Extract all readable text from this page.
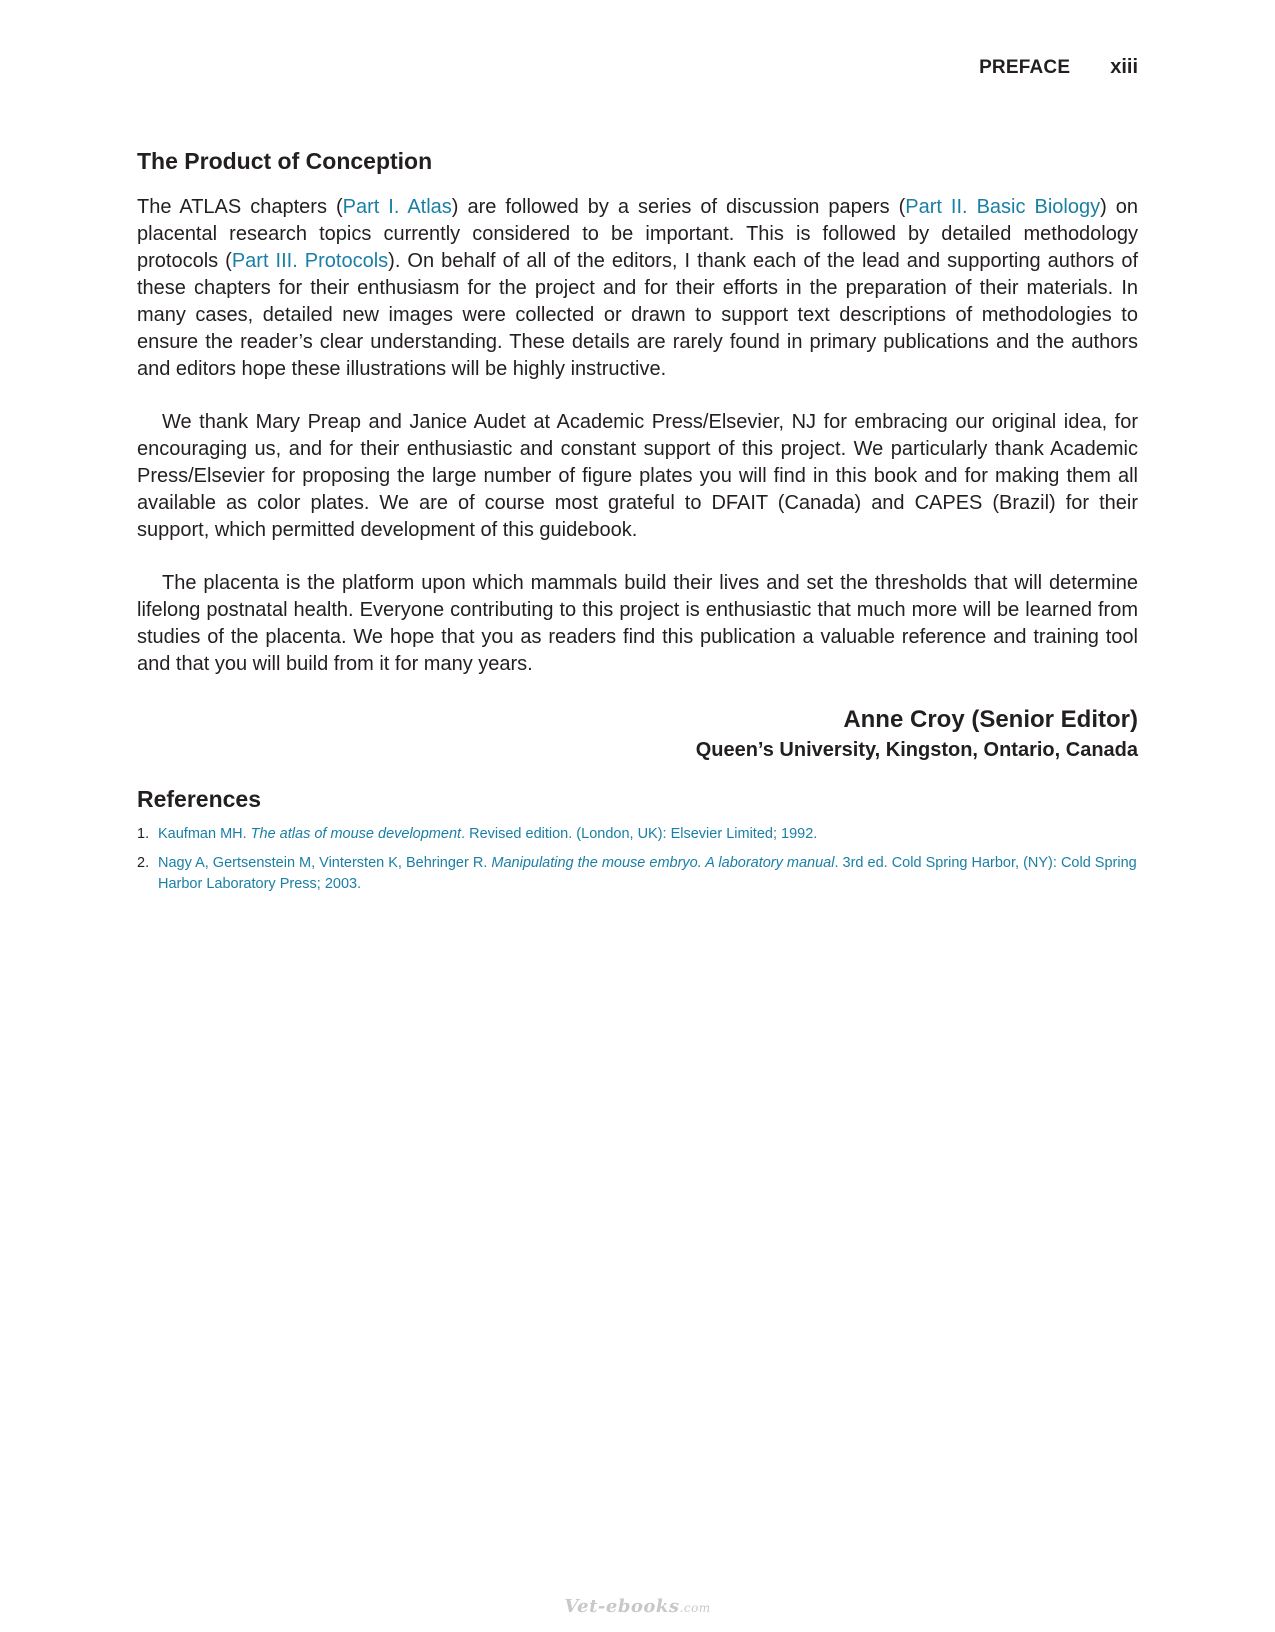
PREFACE xiii
The Product of Conception

The ATLAS chapters (Part I. Atlas) are followed by a series of discussion papers (Part II. Basic Biology) on placental research topics currently considered to be important. This is followed by detailed methodology protocols (Part III. Protocols). On behalf of all of the editors, I thank each of the lead and supporting authors of these chapters for their enthusiasm for the project and for their efforts in the preparation of their materials. In many cases, detailed new images were collected or drawn to support text descriptions of methodologies to ensure the reader’s clear understanding. These details are rarely found in primary publications and the authors and editors hope these illustrations will be highly instructive.

We thank Mary Preap and Janice Audet at Academic Press/Elsevier, NJ for embracing our original idea, for encouraging us, and for their enthusiastic and constant support of this project. We particularly thank Academic Press/Elsevier for proposing the large number of figure plates you will find in this book and for making them all available as color plates. We are of course most grateful to DFAIT (Canada) and CAPES (Brazil) for their support, which permitted development of this guidebook.

The placenta is the platform upon which mammals build their lives and set the thresholds that will determine lifelong postnatal health. Everyone contributing to this project is enthusiastic that much more will be learned from studies of the placenta. We hope that you as readers find this publication a valuable reference and training tool and that you will build from it for many years.

Anne Croy (Senior Editor)
Queen’s University, Kingston, Ontario, Canada
References
1. Kaufman MH. The atlas of mouse development. Revised edition. (London, UK): Elsevier Limited; 1992.
2. Nagy A, Gertsenstein M, Vintersten K, Behringer R. Manipulating the mouse embryo. A laboratory manual. 3rd ed. Cold Spring Harbor, (NY): Cold Spring Harbor Laboratory Press; 2003.
Vet-ebooks.com
